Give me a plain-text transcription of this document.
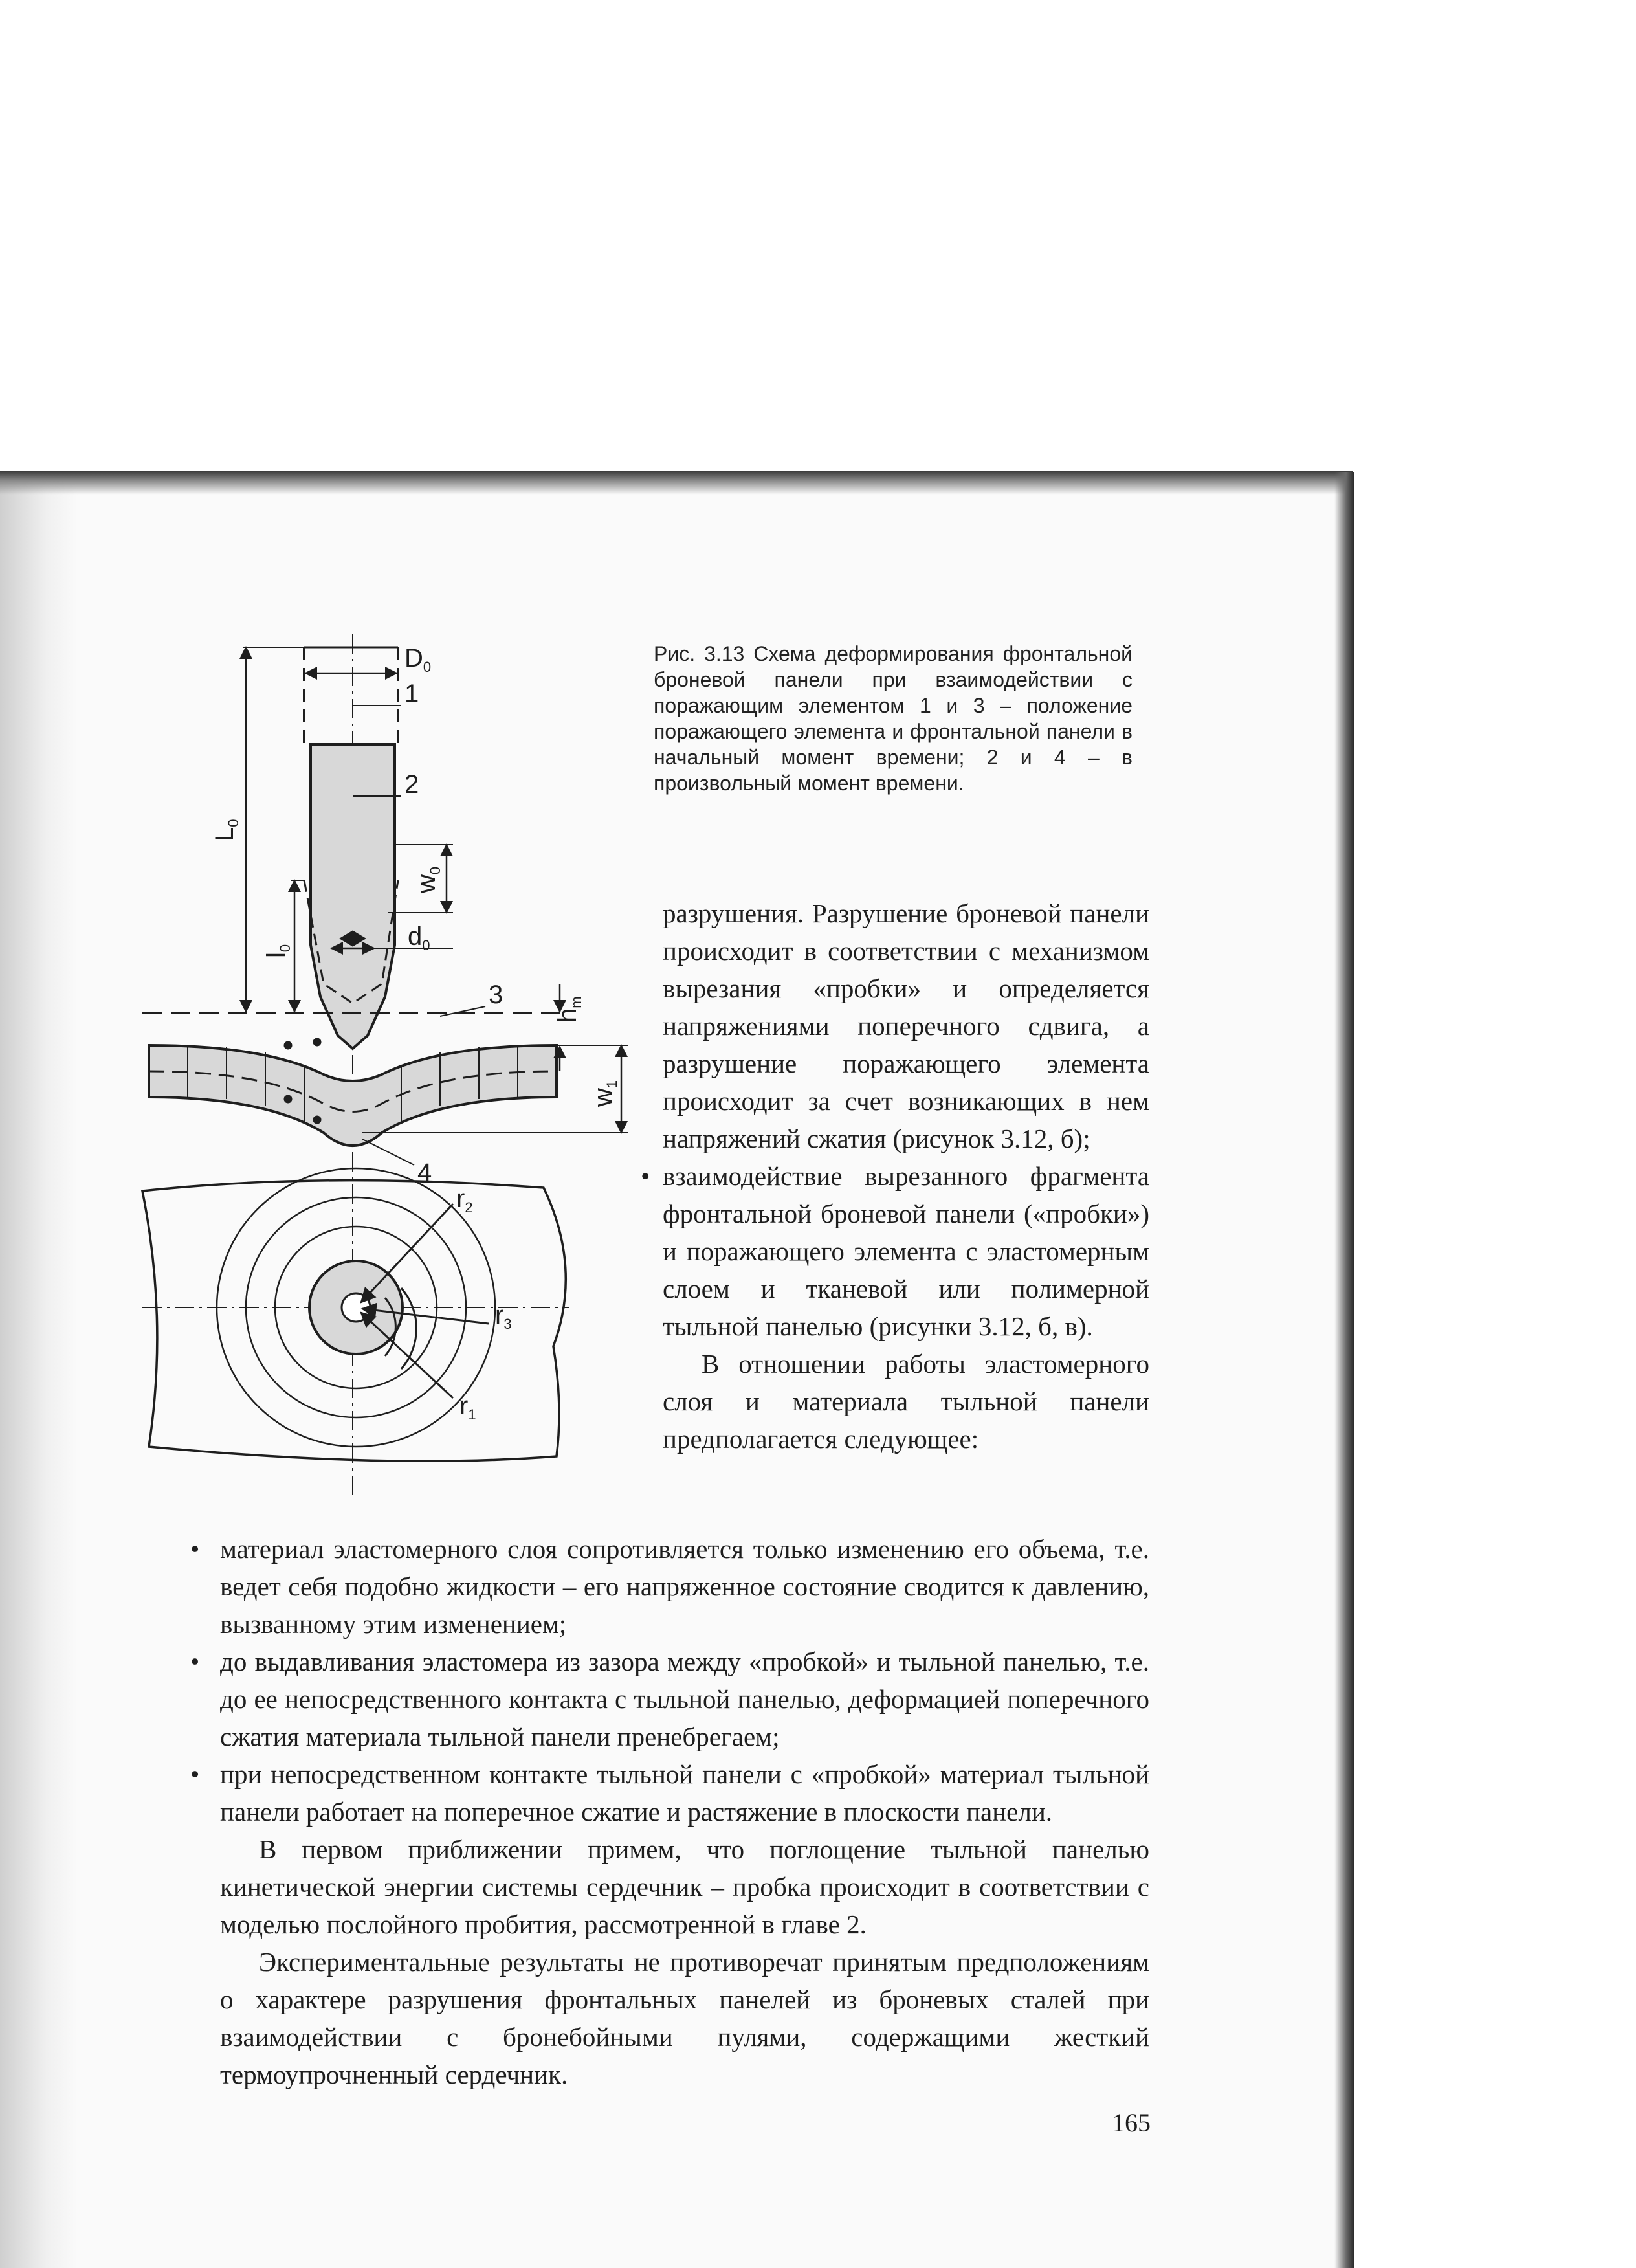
$D_0$
1
2
3
4
$L_0$
$l_0$
$w_0$
$d_0$
$h_m$
$w_1$
$r_2$
$r_3$
$r_1$

Рис. 3.13 Схема деформирования фронтальной броневой панели при взаимодействии с поражающим элементом 1 и 3 – положение поражающего элемента и фронтальной панели в начальный момент времени; 2 и 4 – в произвольный момент времени.

разрушения. Разрушение броневой панели происходит в соответствии с механизмом вырезания «пробки» и определяется напряжениями поперечного сдвига, а разрушение поражающего элемента происходит за счет возникающих в нем напряжений сжатия (рисунок 3.12, б);

• взаимодействие вырезанного фрагмента фронтальной броневой панели («пробки») и поражающего элемента с эластомерным слоем и тканевой или полимерной тыльной панелью (рисунки 3.12, б, в).

В отношении работы эластомерного слоя и материала тыльной панели предполагается следующее:

• материал эластомерного слоя сопротивляется только изменению его объема, т.е. ведет себя подобно жидкости – его напряженное состояние сводится к давлению, вызванному этим изменением;

• до выдавливания эластомера из зазора между «пробкой» и тыльной панелью, т.е. до ее непосредственного контакта с тыльной панелью, деформацией поперечного сжатия материала тыльной панели пренебрегаем;

• при непосредственном контакте тыльной панели с «пробкой» материал тыльной панели работает на поперечное сжатие и растяжение в плоскости панели.

В первом приближении примем, что поглощение тыльной панелью кинетической энергии системы сердечник – пробка происходит в соответствии с моделью послойного пробития, рассмотренной в главе 2.

Экспериментальные результаты не противоречат принятым предположениям о характере разрушения фронтальных панелей из броневых сталей при взаимодействии с бронебойными пулями, содержащими жесткий термоупрочненный сердечник.

165
